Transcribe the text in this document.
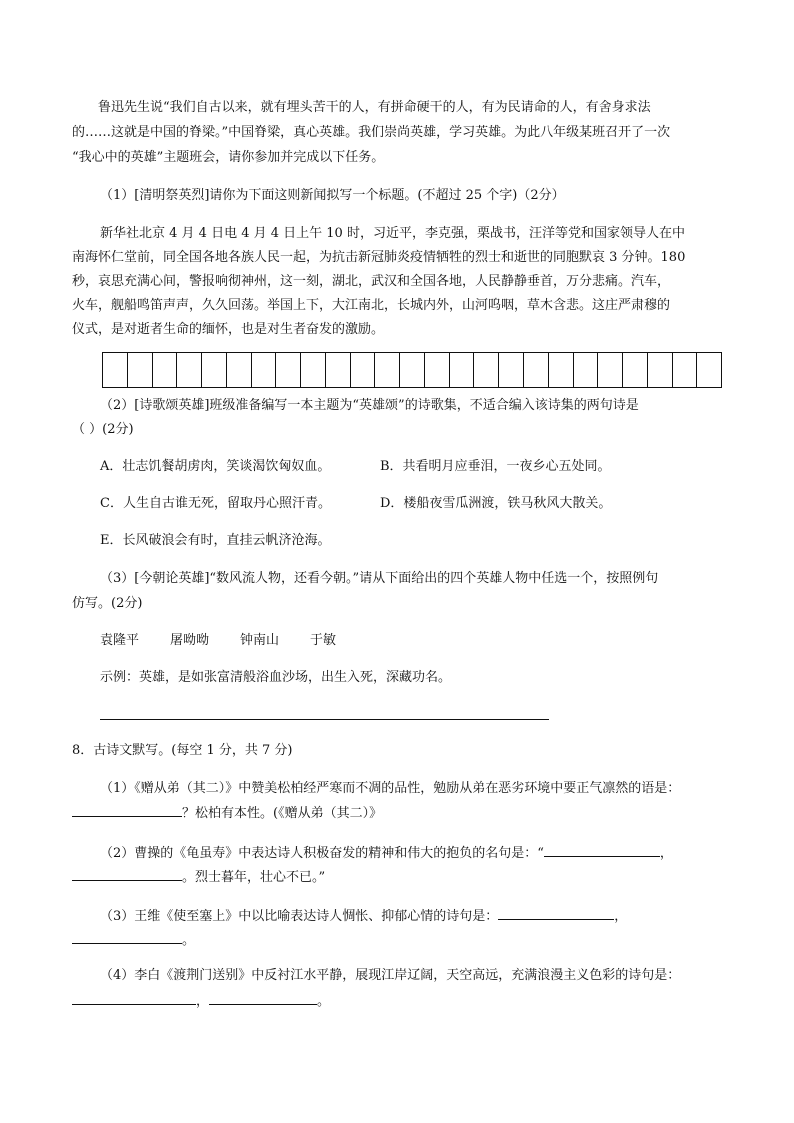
鲁迅先生说“我们自古以来，就有埋头苦干的人，有拼命硬干的人，有为民请命的人，有舍身求法
的……这就是中国的脊梁。”中国脊梁，真心英雄。我们崇尚英雄，学习英雄。为此八年级某班召开了一次
“我心中的英雄”主题班会，请你参加并完成以下任务。
（1）[清明祭英烈]请你为下面这则新闻拟写一个标题。(不超过 25 个字)（2分）
新华社北京 4 月 4 日电 4 月 4 日上午 10 时，习近平，李克强，栗战书，汪洋等党和国家领导人在中
南海怀仁堂前，同全国各地各族人民一起，为抗击新冠肺炎疫情牺牲的烈士和逝世的同胞默哀 3 分钟。180
秒，哀思充满心间，警报响彻神州，这一刻，湖北，武汉和全国各地，人民静静垂首，万分悲痛。汽车，
火车，舰船鸣笛声声，久久回荡。举国上下，大江南北，长城内外，山河呜咽，草木含悲。这庄严肃穆的
仪式，是对逝者生命的缅怀，也是对生者奋发的激励。
（2）[诗歌颂英雄]班级准备编写一本主题为“英雄颂”的诗歌集，不适合编入该诗集的两句诗是
（ ）(2分)
A．壮志饥餐胡虏肉，笑谈渴饮匈奴血。	B．共看明月应垂泪，一夜乡心五处同。
C．人生自古谁无死，留取丹心照汗青。	D．楼船夜雪瓜洲渡，铁马秋风大散关。
E．长风破浪会有时，直挂云帆济沧海。
（3）[今朝论英雄]“数风流人物，还看今朝。”请从下面给出的四个英雄人物中任选一个，按照例句
仿写。(2分)
袁隆平 屠呦呦 钟南山 于敏
示例：英雄，是如张富清般浴血沙场，出生入死，深藏功名。
8．古诗文默写。(每空 1 分，共 7 分)
（1）《赠从弟（其二）》中赞美松柏经严寒而不凋的品性，勉励从弟在恶劣环境中要正气凛然的语是：
？松柏有本性。(《赠从弟（其二）》
（2）曹操的《龟虽寿》中表达诗人积极奋发的精神和伟大的抱负的名句是：“	，
。烈士暮年，壮心不已。”
（3）王维《使至塞上》中以比喻表达诗人惆怅、抑郁心情的诗句是：	，
。
（4）李白《渡荆门送别》中反衬江水平静，展现江岸辽阔，天空高远，充满浪漫主义色彩的诗句是：
，	。
